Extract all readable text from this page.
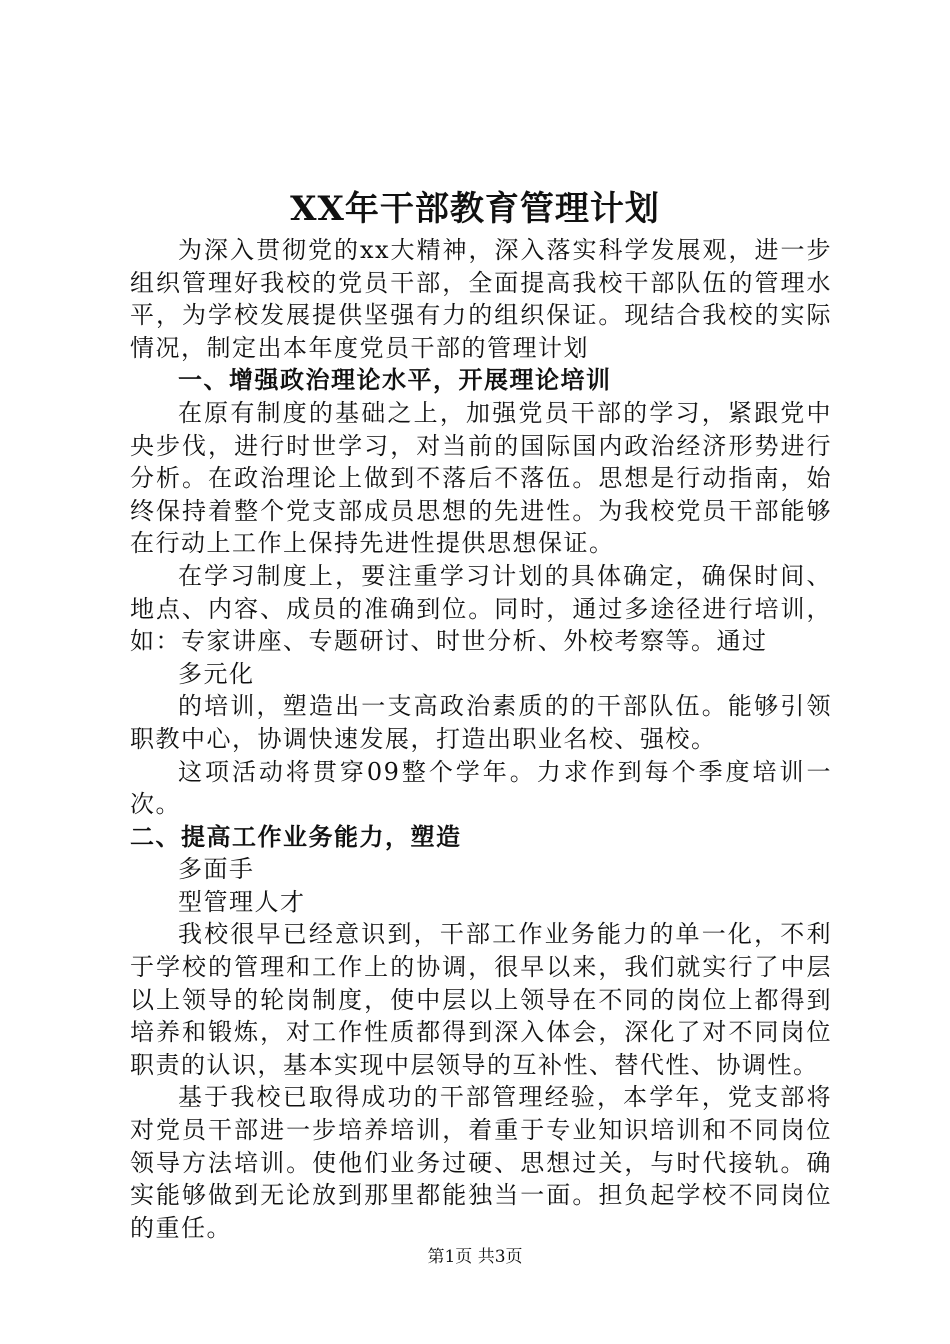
XX年干部教育管理计划

为深入贯彻党的xx大精神，深入落实科学发展观，进一步组织管理好我校的党员干部，全面提高我校干部队伍的管理水平，为学校发展提供坚强有力的组织保证。现结合我校的实际情况，制定出本年度党员干部的管理计划

一、增强政治理论水平，开展理论培训

在原有制度的基础之上，加强党员干部的学习，紧跟党中央步伐，进行时世学习，对当前的国际国内政治经济形势进行分析。在政治理论上做到不落后不落伍。思想是行动指南，始终保持着整个党支部成员思想的先进性。为我校党员干部能够在行动上工作上保持先进性提供思想保证。

在学习制度上，要注重学习计划的具体确定，确保时间、地点、内容、成员的准确到位。同时，通过多途径进行培训，如：专家讲座、专题研讨、时世分析、外校考察等。通过

多元化

的培训，塑造出一支高政治素质的的干部队伍。能够引领职教中心，协调快速发展，打造出职业名校、强校。

这项活动将贯穿09整个学年。力求作到每个季度培训一次。

二、提高工作业务能力，塑造

多面手

型管理人才

我校很早已经意识到，干部工作业务能力的单一化，不利于学校的管理和工作上的协调，很早以来，我们就实行了中层以上领导的轮岗制度，使中层以上领导在不同的岗位上都得到培养和锻炼，对工作性质都得到深入体会，深化了对不同岗位职责的认识，基本实现中层领导的互补性、替代性、协调性。

基于我校已取得成功的干部管理经验，本学年，党支部将对党员干部进一步培养培训，着重于专业知识培训和不同岗位领导方法培训。使他们业务过硬、思想过关，与时代接轨。确实能够做到无论放到那里都能独当一面。担负起学校不同岗位的重任。

第1页 共3页
